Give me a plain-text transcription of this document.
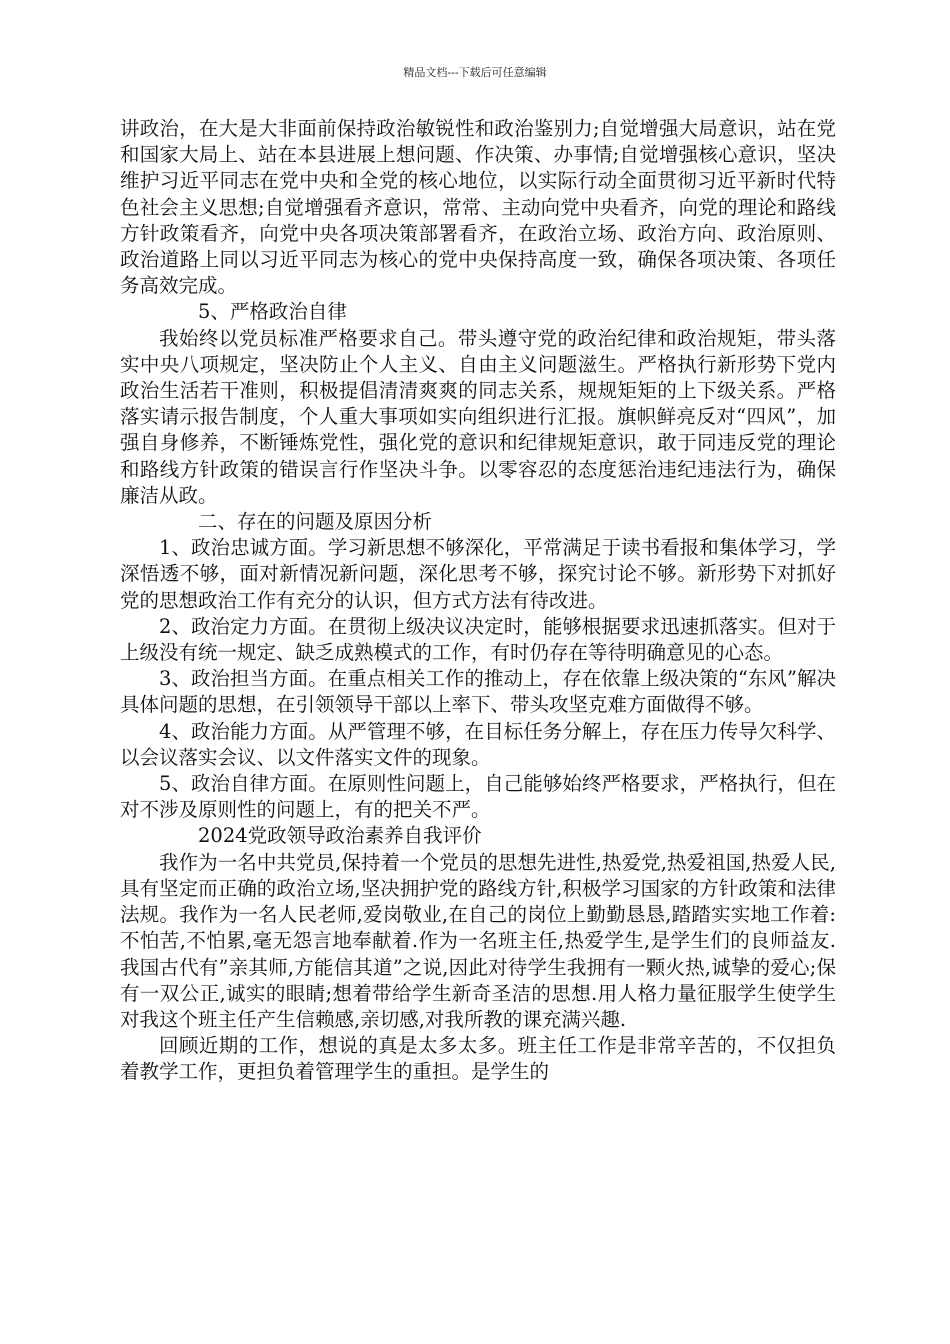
精品文档---下载后可任意编辑

讲政治，在大是大非面前保持政治敏锐性和政治鉴别力;自觉增强大局意识，站在党和国家大局上、站在本县进展上想问题、作决策、办事情;自觉增强核心意识，坚决维护习近平同志在党中央和全党的核心地位，以实际行动全面贯彻习近平新时代特色社会主义思想;自觉增强看齐意识，常常、主动向党中央看齐，向党的理论和路线方针政策看齐，向党中央各项决策部署看齐，在政治立场、政治方向、政治原则、政治道路上同以习近平同志为核心的党中央保持高度一致，确保各项决策、各项任务高效完成。

5、严格政治自律

我始终以党员标准严格要求自己。带头遵守党的政治纪律和政治规矩，带头落实中央八项规定，坚决防止个人主义、自由主义问题滋生。严格执行新形势下党内政治生活若干准则，积极提倡清清爽爽的同志关系，规规矩矩的上下级关系。严格落实请示报告制度，个人重大事项如实向组织进行汇报。旗帜鲜亮反对“四风”，加强自身修养，不断锤炼党性，强化党的意识和纪律规矩意识，敢于同违反党的理论和路线方针政策的错误言行作坚决斗争。以零容忍的态度惩治违纪违法行为，确保廉洁从政。

二、存在的问题及原因分析

1、政治忠诚方面。学习新思想不够深化，平常满足于读书看报和集体学习，学深悟透不够，面对新情况新问题，深化思考不够，探究讨论不够。新形势下对抓好党的思想政治工作有充分的认识，但方式方法有待改进。

2、政治定力方面。在贯彻上级决议决定时，能够根据要求迅速抓落实。但对于上级没有统一规定、缺乏成熟模式的工作，有时仍存在等待明确意见的心态。

3、政治担当方面。在重点相关工作的推动上，存在依靠上级决策的“东风”解决具体问题的思想，在引领领导干部以上率下、带头攻坚克难方面做得不够。

4、政治能力方面。从严管理不够，在目标任务分解上，存在压力传导欠科学、以会议落实会议、以文件落实文件的现象。

5、政治自律方面。在原则性问题上，自己能够始终严格要求，严格执行，但在对不涉及原则性的问题上，有的把关不严。

2024党政领导政治素养自我评价

我作为一名中共党员,保持着一个党员的思想先进性,热爱党,热爱祖国,热爱人民,具有坚定而正确的政治立场,坚决拥护党的路线方针,积极学习国家的方针政策和法律法规。我作为一名人民老师,爱岗敬业,在自己的岗位上勤勤恳恳,踏踏实实地工作着:不怕苦,不怕累,毫无怨言地奉献着.作为一名班主任,热爱学生,是学生们的良师益友.我国古代有”亲其师,方能信其道”之说,因此对待学生我拥有一颗火热,诚挚的爱心;保有一双公正,诚实的眼睛;想着带给学生新奇圣洁的思想.用人格力量征服学生使学生对我这个班主任产生信赖感,亲切感,对我所教的课充满兴趣.

回顾近期的工作，想说的真是太多太多。班主任工作是非常辛苦的，不仅担负着教学工作，更担负着管理学生的重担。是学生的
